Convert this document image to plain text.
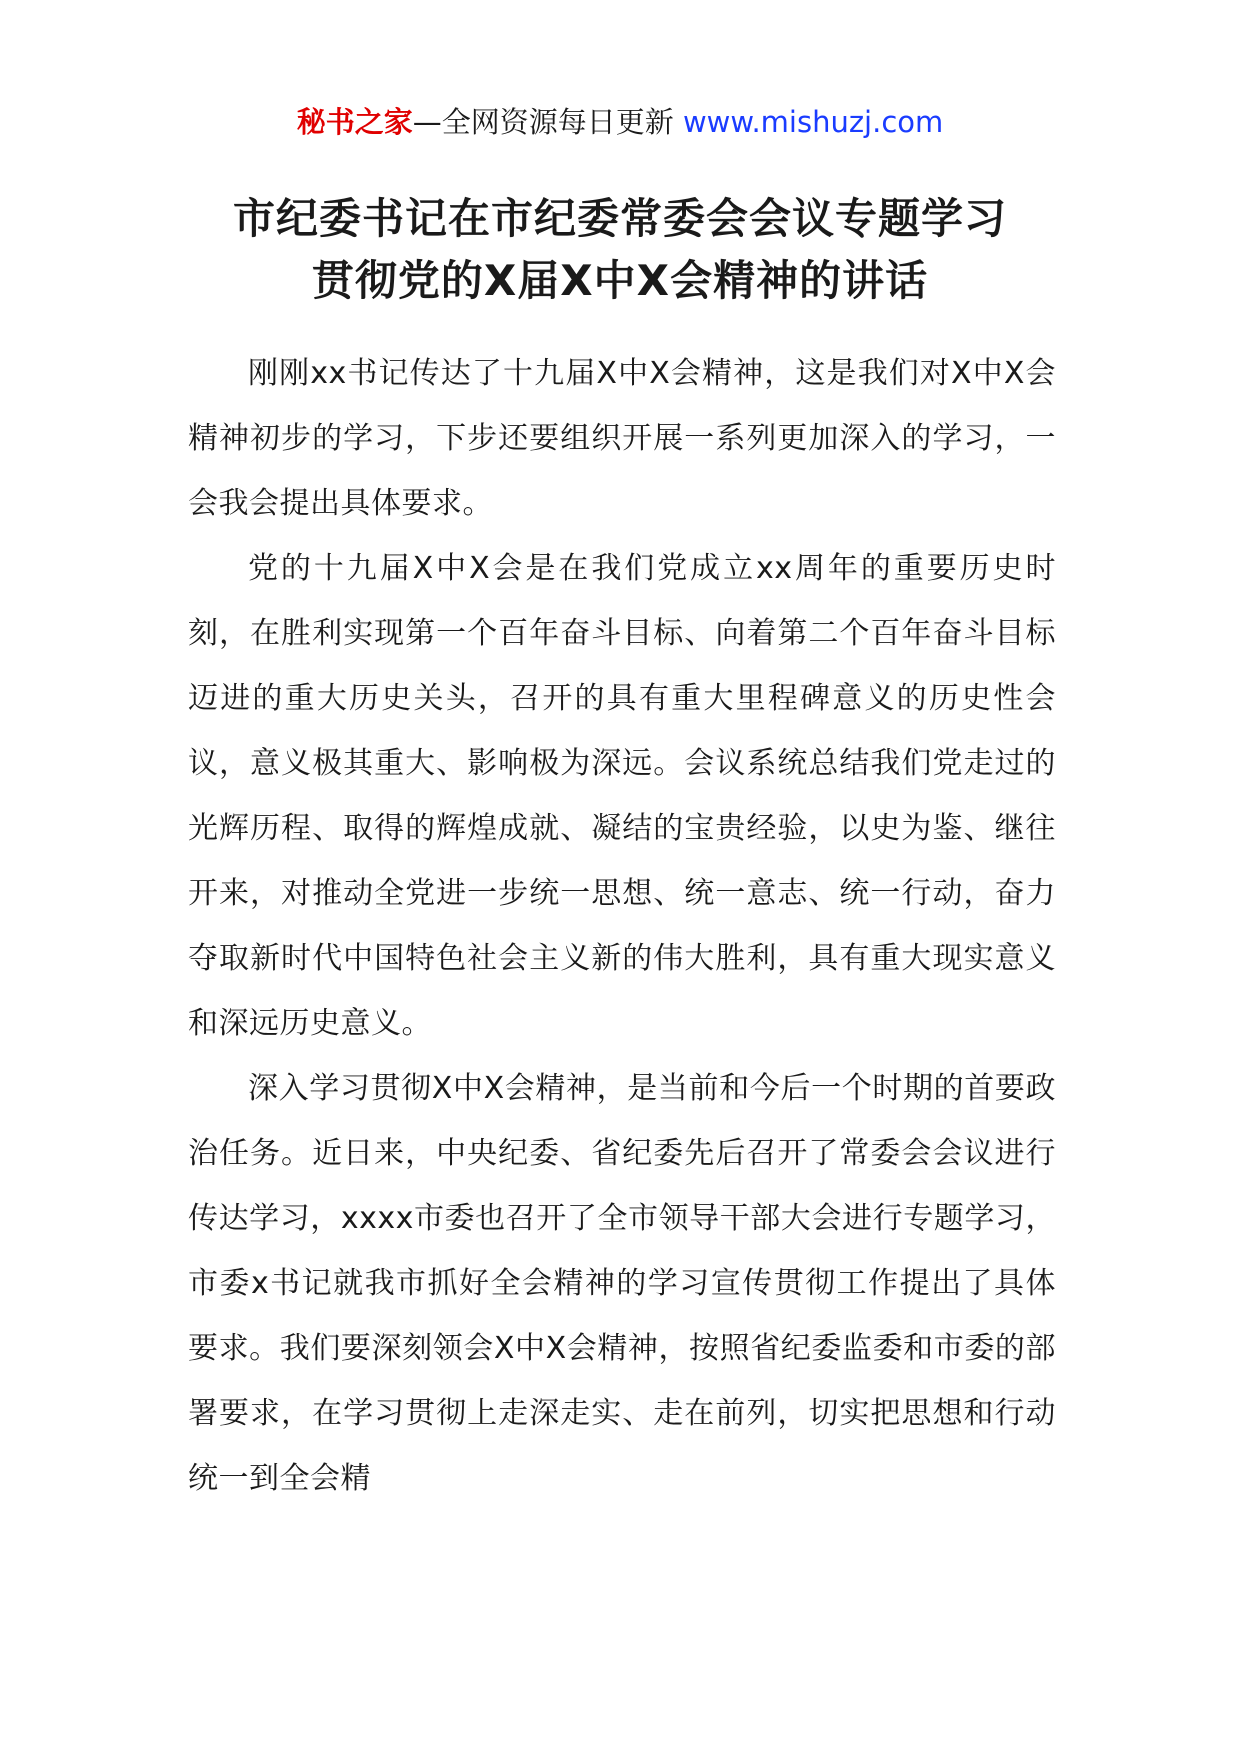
秘书之家—全网资源每日更新 www.mishuzj.com
市纪委书记在市纪委常委会会议专题学习
贯彻党的X届X中X会精神的讲话

刚刚xx书记传达了十九届X中X会精神，这是我们对X中X会精神初步的学习，下步还要组织开展一系列更加深入的学习，一会我会提出具体要求。

党的十九届X中X会是在我们党成立xx周年的重要历史时刻，在胜利实现第一个百年奋斗目标、向着第二个百年奋斗目标迈进的重大历史关头，召开的具有重大里程碑意义的历史性会议，意义极其重大、影响极为深远。会议系统总结我们党走过的光辉历程、取得的辉煌成就、凝结的宝贵经验，以史为鉴、继往开来，对推动全党进一步统一思想、统一意志、统一行动，奋力夺取新时代中国特色社会主义新的伟大胜利，具有重大现实意义和深远历史意义。

深入学习贯彻X中X会精神，是当前和今后一个时期的首要政治任务。近日来，中央纪委、省纪委先后召开了常委会会议进行传达学习，xxxx市委也召开了全市领导干部大会进行专题学习，市委x书记就我市抓好全会精神的学习宣传贯彻工作提出了具体要求。我们要深刻领会X中X会精神，按照省纪委监委和市委的部署要求，在学习贯彻上走深走实、走在前列，切实把思想和行动统一到全会精
